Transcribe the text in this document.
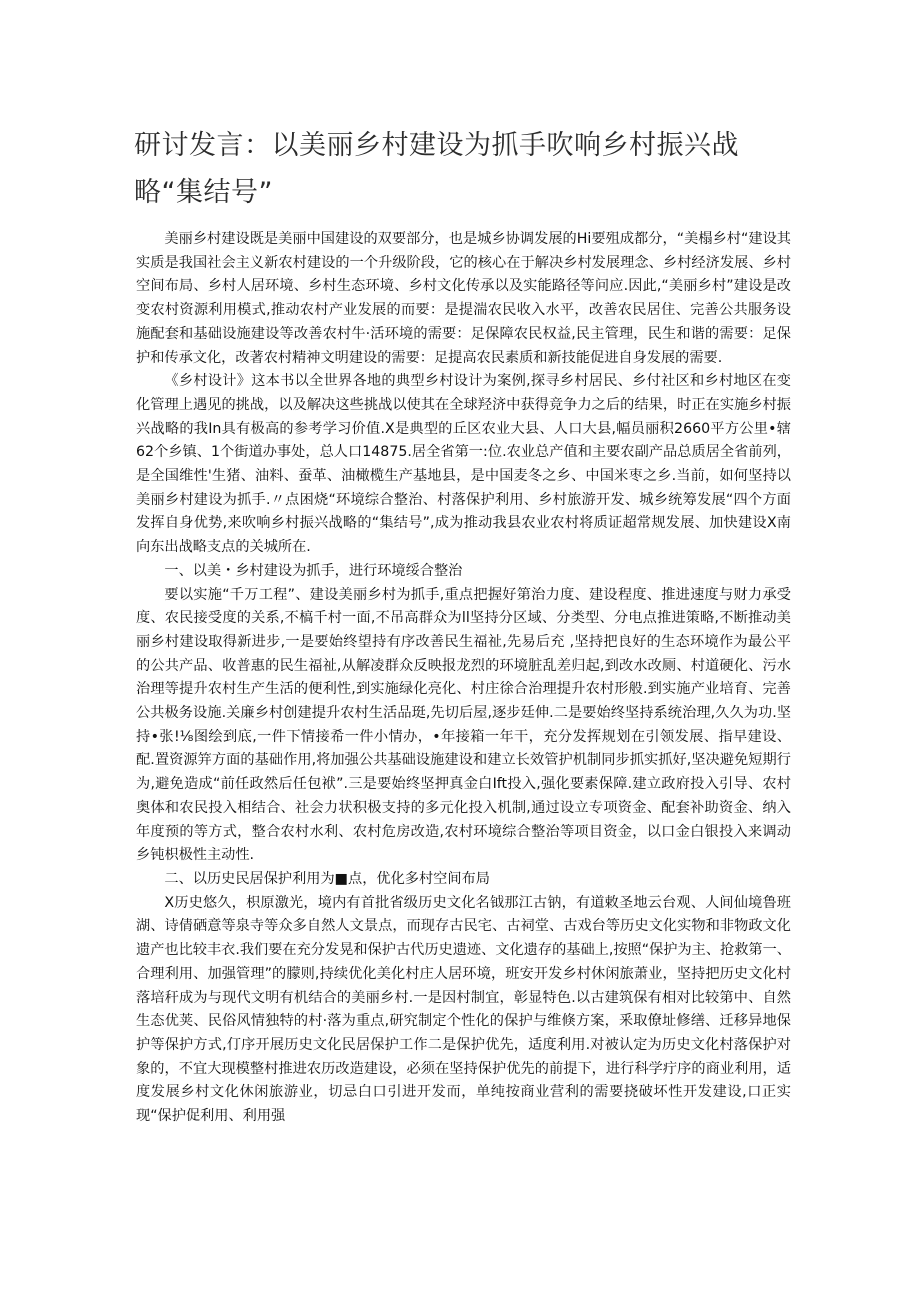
研讨发言：以美丽乡村建设为抓手吹响乡村振兴战略“集结号”

美丽乡村建设既是美丽中国建设的双要部分，也是城乡协调发展的Hi要殂成都分，“美榻乡村“建设其实质是我国社会主义新农村建设的一个升级阶段，它的核心在于解决乡村发展理念、乡村经济发展、乡村空间布局、乡村人居环境、乡村生态环境、乡村文化传承以及实能路径等问应.因此,“美丽乡村”建设是改变农村资源利用模式,推动农村产业发展的而要：是提湍农民收入水平，改善农民居住、完善公共服务设施配套和基础设施建设等改善农村牛·活环境的需要：足保障农民权益,民主管理，民生和谐的需要：足保护和传承文化，改著农村精神文明建设的需要：足提高农民素质和新技能促进自身发展的需要.

《乡村设计》这本书以全世界各地的典型乡村设计为案例,探寻乡村居民、乡付社区和乡村地区在变化管理上遇见的挑战，以及解决这些挑战以使其在全球羟济中获得竞争力之后的结果，时正在实施乡村振兴战略的我In具有极高的参考学习价值.X是典型的丘区农业大县、人口大县,幅员丽积2660平方公里•辖62个乡镇、1个街道办事处，总人口14875.居全省第一:位.农业总产值和主要农副产品总质居全省前列，是全国维性'生猪、油料、蚕革、油橄榄生产基地县，是中国麦冬之乡、中国米枣之乡.当前，如何坚持以美丽乡村建设为抓手.〃点困烧“环境综合整治、村落保护利用、乡村旅游开发、城乡统筹发展“四个方面发挥自身优势,来吹响乡村振兴战略的“集结号”,成为推动我县农业农村将质证超常规发展、加快建设X南向东出战略支点的关城所在.

一、以美・乡村建设为抓手，进行环境绥合整治

要以实施“千万工程”、建设美丽乡村为抓手,重点把握好第治力度、建设程度、推进速度与财力承受度、农民接受度的关系,不槁千村一面,不吊高群众为ll坚持分区域、分类型、分电点推进策略,不断推动美丽乡村建设取得新进步,一是要始终望持有序改善民生福祉,先易后充 ,坚持把良好的生态环境作为最公平的公共产品、收普惠的民生福祉,从解凌群众反映报龙烈的环境脏乱差归起,到改水改厕、村道硬化、污水治理等提升农村生产生活的便利性,到实施绿化亮化、村庄徐合治理提升农村形般.到实施产业培育、完善公共极务设施.关廉乡村创建提升农村生活品珽,先切后屋,逐步廷伸.二是要始终坚持系统治理,久久为功.坚持•张!⅛图绘到底,一件下情接希一件小情办，•年接箱一年干，充分发挥规划在引领发展、指早建设、配.置资源笄方面的基础作用,将加强公共基础设施建设和建立长效管护机制同步抓实抓好,坚决避免短期行为,避免造成“前任政然后任包袱”.三是要始终坚押真金白Ift投入,强化要素保障.建立政府投入引导、农村奥体和农民投入相结合、社会力状积极支持的多元化投入机制,通过设立专项资金、配套补助资金、纳入年度预的等方式，整合农村水利、农村危房改造,农村环境综合整治等项目资金，以口金白银投入来调动乡钝枳极性主动性.

二、以历史民居保护利用为■点，优化多村空间布局

X历史悠久，枳原激光，境内有首批省级历史文化名钺那江古钠，有道敕圣地云台观、人间仙境鲁班湖、诗倩硒意等泉寺等众多自然人文景点，而现存古民宅、古祠堂、古戏台等历史文化实物和非物政文化遗产也比较丰衣.我们要在充分发晃和保护古代历史遗迹、文化遗存的基础上,按照“保护为主、抢救第一、合理利用、加强管理”的朦则,持续优化美化村庄人居环境，班安开发乡村休闲旅萧业，坚持把历史文化村落培秆成为与现代文明有机结合的美丽乡村.一是因村制宜，彰显特色.以古建筑保有相对比较第中、自然生态优荚、民俗风情独特的村·落为重点,研究制定个性化的保护与维倏方案，釆取僚址修缮、迁移异地保护等保护方式,仃序开展历史文化民居保护工作二是保护优先，适度利用.对被认定为历史文化村落保护对象的，不宜大现模整村推进农历改造建设，必须在坚持保护优先的前提下，进行科学疔序的商业利用，适度发展乡村文化休闲旅游业，切忌白口引进开发而，单纯按商业营利的需要挠破坏性开发建设,口正实现“保护促利用、利用强
